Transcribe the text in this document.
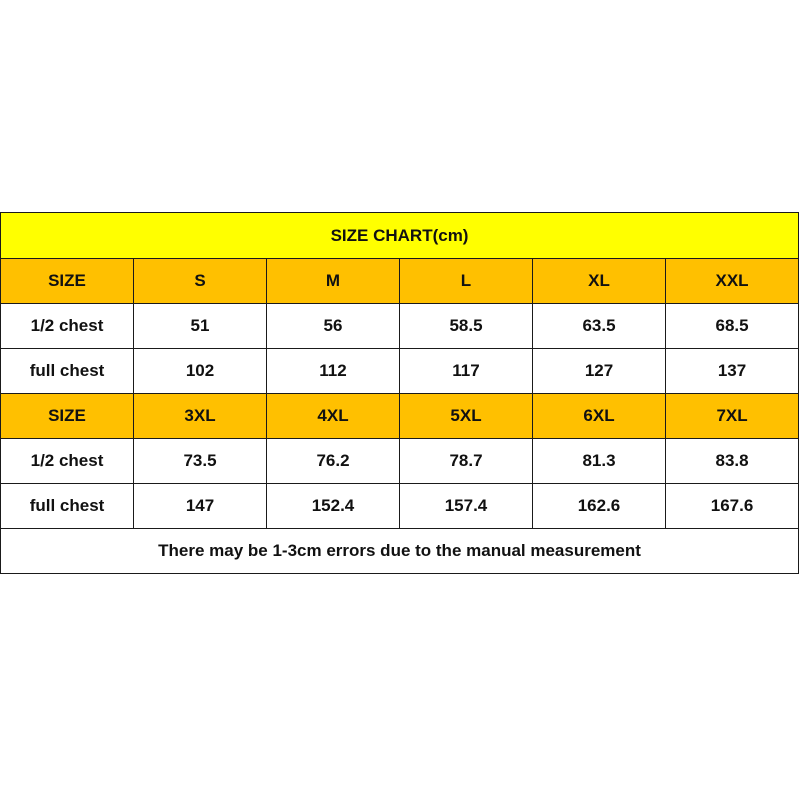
SIZE CHART(cm)					
SIZE	S	M	L	XL	XXL
1/2 chest	51	56	58.5	63.5	68.5
full chest	102	112	117	127	137
SIZE	3XL	4XL	5XL	6XL	7XL
1/2 chest	73.5	76.2	78.7	81.3	83.8
full chest	147	152.4	157.4	162.6	167.6
There may be 1-3cm errors due to the manual measurement					
